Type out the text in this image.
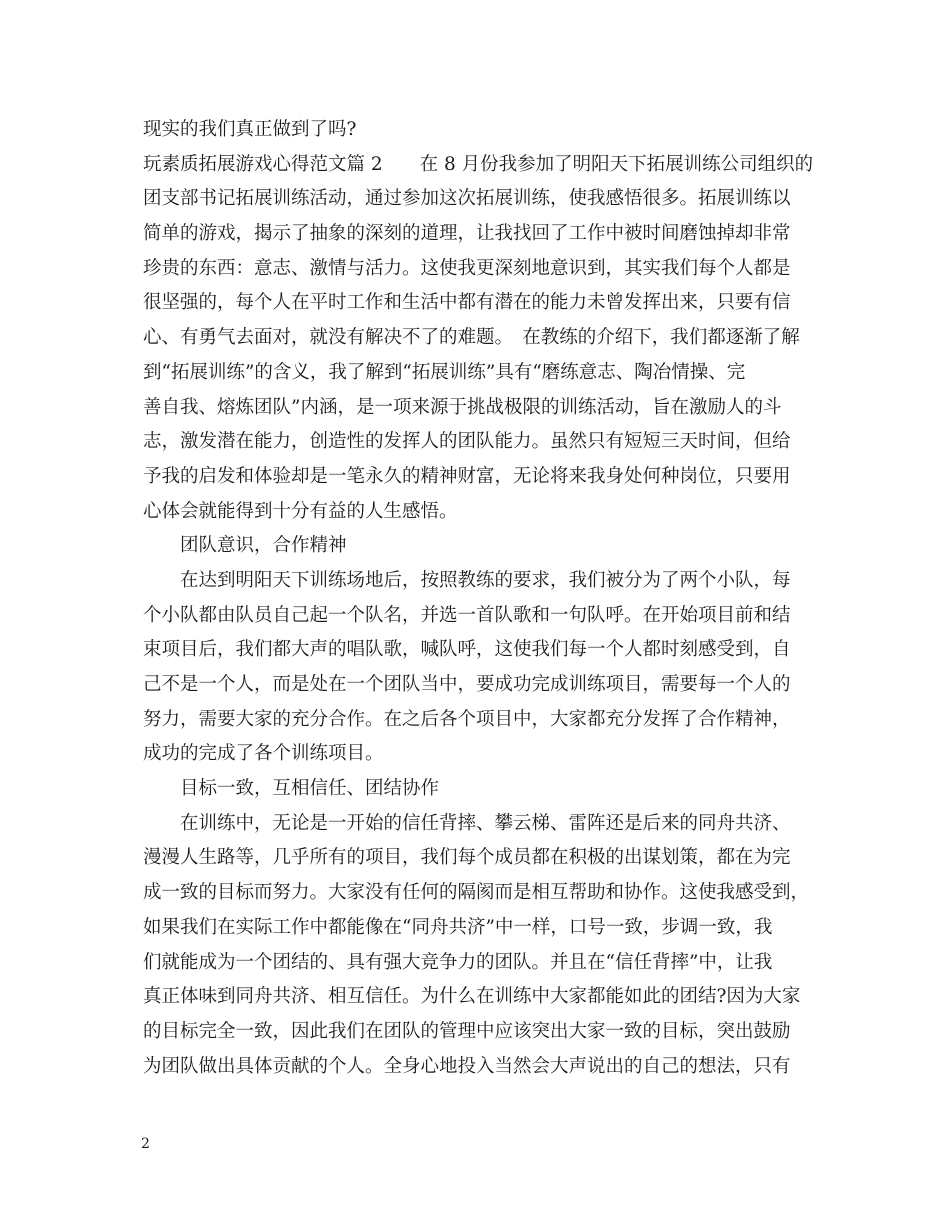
现实的我们真正做到了吗?
玩素质拓展游戏心得范文篇 2　　在 8 月份我参加了明阳天下拓展训练公司组织的
团支部书记拓展训练活动，通过参加这次拓展训练，使我感悟很多。拓展训练以
简单的游戏，揭示了抽象的深刻的道理，让我找回了工作中被时间磨蚀掉却非常
珍贵的东西：意志、激情与活力。这使我更深刻地意识到，其实我们每个人都是
很坚强的，每个人在平时工作和生活中都有潜在的能力未曾发挥出来，只要有信
心、有勇气去面对，就没有解决不了的难题。　在教练的介绍下，我们都逐渐了解
到“拓展训练”的含义，我了解到“拓展训练”具有“磨练意志、陶冶情操、完
善自我、熔炼团队”内涵，是一项来源于挑战极限的训练活动，旨在激励人的斗
志，激发潜在能力，创造性的发挥人的团队能力。虽然只有短短三天时间，但给
予我的启发和体验却是一笔永久的精神财富，无论将来我身处何种岗位，只要用
心体会就能得到十分有益的人生感悟。
团队意识，合作精神
在达到明阳天下训练场地后，按照教练的要求，我们被分为了两个小队，每
个小队都由队员自己起一个队名，并选一首队歌和一句队呼。在开始项目前和结
束项目后，我们都大声的唱队歌，喊队呼，这使我们每一个人都时刻感受到，自
己不是一个人，而是处在一个团队当中，要成功完成训练项目，需要每一个人的
努力，需要大家的充分合作。在之后各个项目中，大家都充分发挥了合作精神，
成功的完成了各个训练项目。
目标一致，互相信任、团结协作
在训练中，无论是一开始的信任背摔、攀云梯、雷阵还是后来的同舟共济、
漫漫人生路等，几乎所有的项目，我们每个成员都在积极的出谋划策，都在为完
成一致的目标而努力。大家没有任何的隔阂而是相互帮助和协作。这使我感受到，
如果我们在实际工作中都能像在“同舟共济”中一样，口号一致，步调一致，我
们就能成为一个团结的、具有强大竞争力的团队。并且在“信任背摔”中，让我
真正体味到同舟共济、相互信任。为什么在训练中大家都能如此的团结?因为大家
的目标完全一致，因此我们在团队的管理中应该突出大家一致的目标，突出鼓励
为团队做出具体贡献的个人。全身心地投入当然会大声说出的自己的想法，只有
2
